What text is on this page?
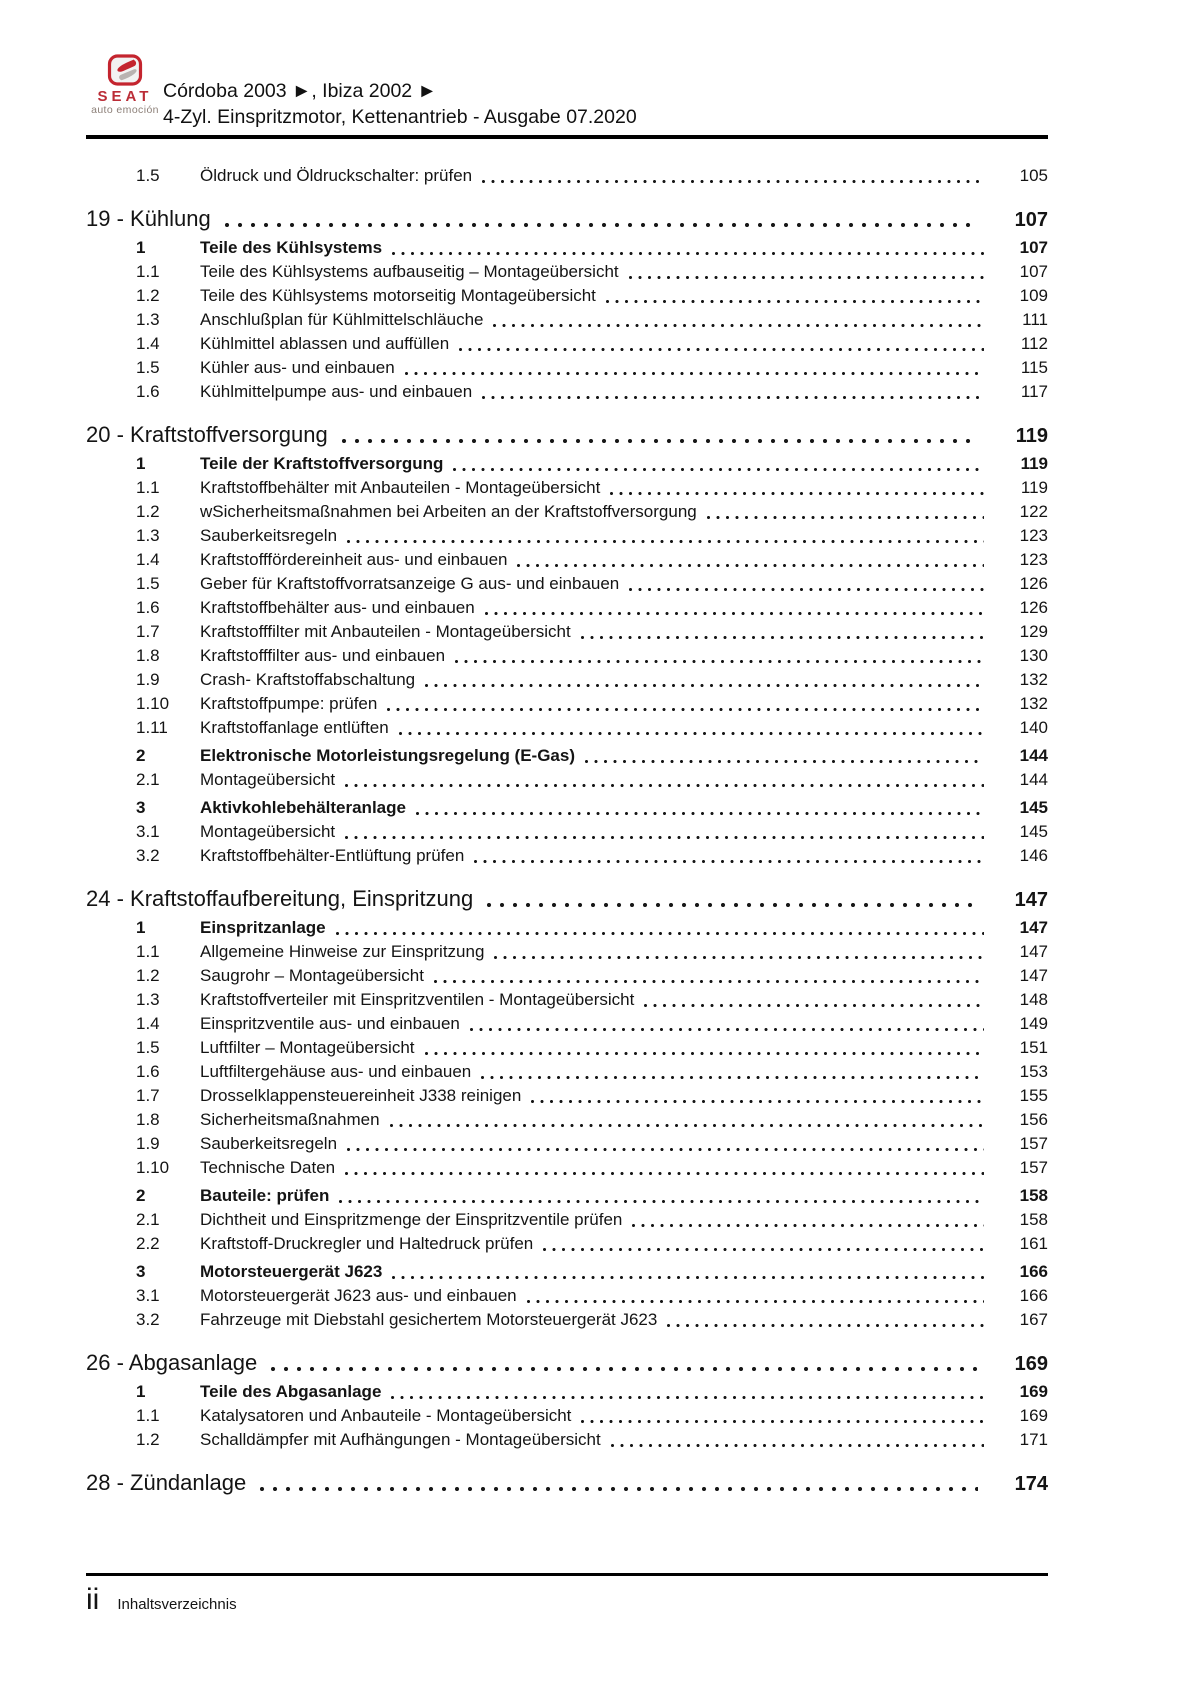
SEAT
auto emoción
Córdoba 2003 ►, Ibiza 2002 ►
4-Zyl. Einspritzmotor, Kettenantrieb - Ausgabe 07.2020
1.5	Öldruck und Öldruckschalter: prüfen	105
19 - Kühlung	107
1	Teile des Kühlsystems	107
1.1	Teile des Kühlsystems aufbauseitig – Montageübersicht	107
1.2	Teile des Kühlsystems motorseitig Montageübersicht	109
1.3	Anschlußplan für Kühlmittelschläuche	111
1.4	Kühlmittel ablassen und auffüllen	112
1.5	Kühler aus- und einbauen	115
1.6	Kühlmittelpumpe aus- und einbauen	117
20 - Kraftstoffversorgung	119
1	Teile der Kraftstoffversorgung	119
1.1	Kraftstoffbehälter mit Anbauteilen - Montageübersicht	119
1.2	wSicherheitsmaßnahmen bei Arbeiten an der Kraftstoffversorgung	122
1.3	Sauberkeitsregeln	123
1.4	Kraftstofffördereinheit aus- und einbauen	123
1.5	Geber für Kraftstoffvorratsanzeige G aus- und einbauen	126
1.6	Kraftstoffbehälter aus- und einbauen	126
1.7	Kraftstofffilter mit Anbauteilen - Montageübersicht	129
1.8	Kraftstofffilter aus- und einbauen	130
1.9	Crash- Kraftstoffabschaltung	132
1.10	Kraftstoffpumpe: prüfen	132
1.11	Kraftstoffanlage entlüften	140
2	Elektronische Motorleistungsregelung (E-Gas)	144
2.1	Montageübersicht	144
3	Aktivkohlebehälteranlage	145
3.1	Montageübersicht	145
3.2	Kraftstoffbehälter-Entlüftung prüfen	146
24 - Kraftstoffaufbereitung, Einspritzung	147
1	Einspritzanlage	147
1.1	Allgemeine Hinweise zur Einspritzung	147
1.2	Saugrohr – Montageübersicht	147
1.3	Kraftstoffverteiler mit Einspritzventilen - Montageübersicht	148
1.4	Einspritzventile aus- und einbauen	149
1.5	Luftfilter – Montageübersicht	151
1.6	Luftfiltergehäuse aus- und einbauen	153
1.7	Drosselklappensteuereinheit J338 reinigen	155
1.8	Sicherheitsmaßnahmen	156
1.9	Sauberkeitsregeln	157
1.10	Technische Daten	157
2	Bauteile: prüfen	158
2.1	Dichtheit und Einspritzmenge der Einspritzventile prüfen	158
2.2	Kraftstoff-Druckregler und Haltedruck prüfen	161
3	Motorsteuergerät J623	166
3.1	Motorsteuergerät J623 aus- und einbauen	166
3.2	Fahrzeuge mit Diebstahl gesichertem Motorsteuergerät J623	167
26 - Abgasanlage	169
1	Teile des Abgasanlage	169
1.1	Katalysatoren und Anbauteile - Montageübersicht	169
1.2	Schalldämpfer mit Aufhängungen - Montageübersicht	171
28 - Zündanlage	174
ii Inhaltsverzeichnis
